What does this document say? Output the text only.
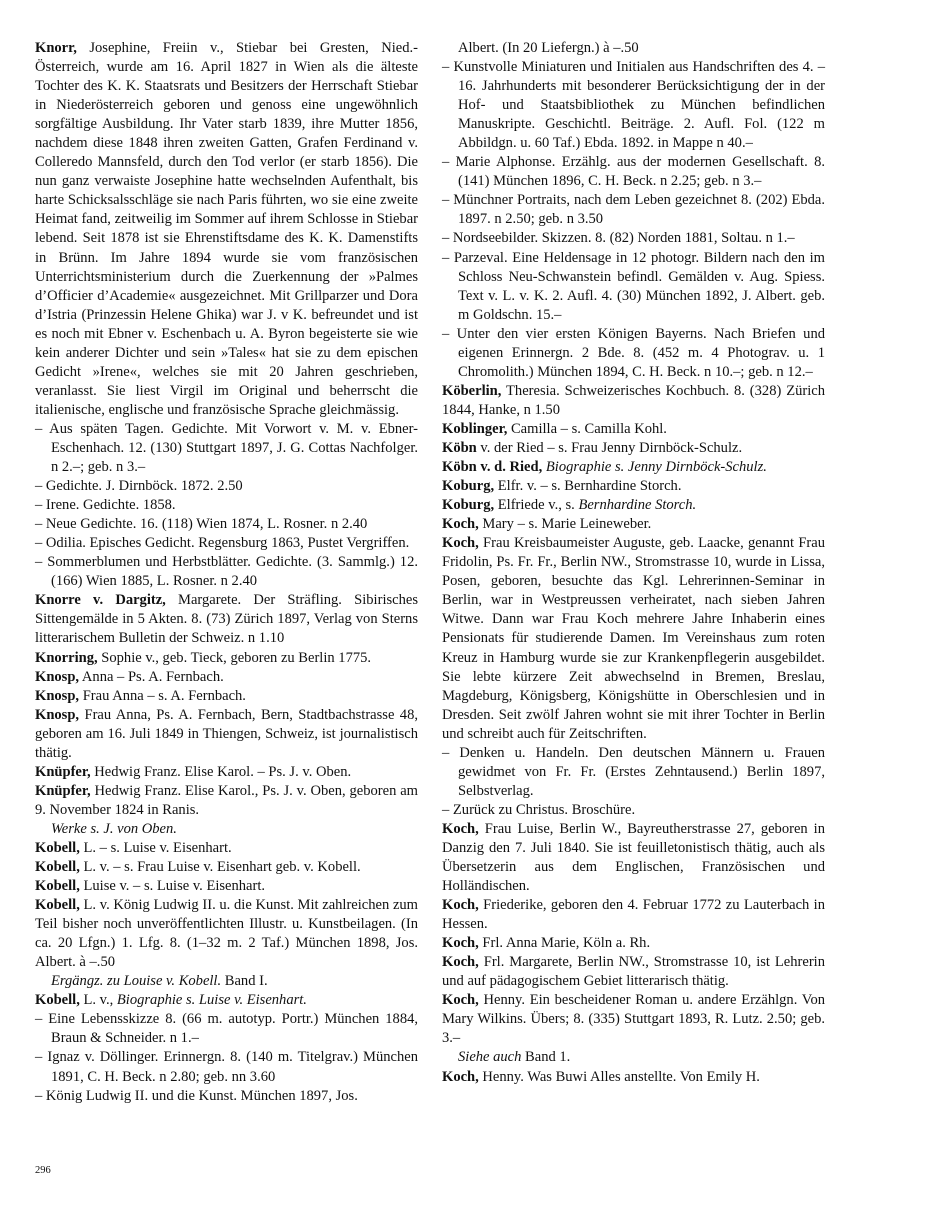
Knorr, Josephine, Freiin v., Stiebar bei Gresten, Nied.-Österreich, wurde am 16. April 1827 in Wien als die älteste Tochter des K. K. Staatsrats und Besitzers der Herrschaft Stiebar in Niederösterreich geboren und genoss eine ungewöhnlich sorgfältige Ausbildung. Ihr Vater starb 1839, ihre Mutter 1856, nachdem diese 1848 ihren zweiten Gatten, Grafen Ferdinand v. Colleredo Mannsfeld, durch den Tod verlor (er starb 1856). Die nun ganz verwaiste Josephine hatte wechselnden Aufenthalt, bis harte Schicksalsschläge sie nach Paris führten, wo sie eine zweite Heimat fand, zeitweilig im Sommer auf ihrem Schlosse in Stiebar lebend. Seit 1878 ist sie Ehrenstiftsdame des K. K. Damenstifts in Brünn. Im Jahre 1894 wurde sie vom französischen Unterrichtsministerium durch die Zuerkennung der »Palmes d’Officier d’Academie« ausgezeichnet. Mit Grillparzer und Dora d’Istria (Prinzessin Helene Ghika) war J. v K. befreundet und ist es noch mit Ebner v. Eschenbach u. A. Byron begeisterte sie wie kein anderer Dichter und sein »Tales« hat sie zu dem epischen Gedicht »Irene«, welches sie mit 20 Jahren geschrieben, veranlasst. Sie liest Virgil im Original und beherrscht die italienische, englische und französische Sprache gleichmässig.

– Aus späten Tagen. Gedichte. Mit Vorwort v. M. v. Ebner-Eschenhach. 12. (130) Stuttgart 1897, J. G. Cottas Nachfolger. n 2.–; geb. n 3.–

– Gedichte. J. Dirnböck. 1872. 2.50

– Irene. Gedichte. 1858.

– Neue Gedichte. 16. (118) Wien 1874, L. Rosner. n 2.40

– Odilia. Episches Gedicht. Regensburg 1863, Pustet Vergriffen.

– Sommerblumen und Herbstblätter. Gedichte. (3. Sammlg.) 12. (166) Wien 1885, L. Rosner. n 2.40

Knorre v. Dargitz, Margarete. Der Sträfling. Sibirisches Sittengemälde in 5 Akten. 8. (73) Zürich 1897, Verlag von Sterns litterarischem Bulletin der Schweiz. n 1.10

Knorring, Sophie v., geb. Tieck, geboren zu Berlin 1775.

Knosp, Anna – Ps. A. Fernbach.

Knosp, Frau Anna – s. A. Fernbach.

Knosp, Frau Anna, Ps. A. Fernbach, Bern, Stadtbachstrasse 48, geboren am 16. Juli 1849 in Thiengen, Schweiz, ist journalistisch thätig.

Knüpfer, Hedwig Franz. Elise Karol. – Ps. J. v. Oben.

Knüpfer, Hedwig Franz. Elise Karol., Ps. J. v. Oben, geboren am 9. November 1824 in Ranis.

Werke s. J. von Oben.

Kobell, L. – s. Luise v. Eisenhart.

Kobell, L. v. – s. Frau Luise v. Eisenhart geb. v. Kobell.

Kobell, Luise v. – s. Luise v. Eisenhart.

Kobell, L. v. König Ludwig II. u. die Kunst. Mit zahlreichen zum Teil bisher noch unveröffentlichten Illustr. u. Kunstbeilagen. (In ca. 20 Lfgn.) 1. Lfg. 8. (1–32 m. 2 Taf.) München 1898, Jos. Albert. à –.50

Ergängz. zu Louise v. Kobell. Band I.

Kobell, L. v., Biographie s. Luise v. Eisenhart.

– Eine Lebensskizze 8. (66 m. autotyp. Portr.) München 1884, Braun & Schneider. n 1.–

– Ignaz v. Döllinger. Erinnergn. 8. (140 m. Titelgrav.) München 1891, C. H. Beck. n 2.80; geb. nn 3.60

– König Ludwig II. und die Kunst. München 1897, Jos.

Albert. (In 20 Liefergn.) à –.50

– Kunstvolle Miniaturen und Initialen aus Handschriften des 4. – 16. Jahrhunderts mit besonderer Berücksichtigung der in der Hof- und Staatsbibliothek zu München befindlichen Manuskripte. Geschichtl. Beiträge. 2. Aufl. Fol. (122 m Abbildgn. u. 60 Taf.) Ebda. 1892. in Mappe n 40.–

– Marie Alphonse. Erzählg. aus der modernen Gesellschaft. 8. (141) München 1896, C. H. Beck. n 2.25; geb. n 3.–

– Münchner Portraits, nach dem Leben gezeichnet 8. (202) Ebda. 1897. n 2.50; geb. n 3.50

– Nordseebilder. Skizzen. 8. (82) Norden 1881, Soltau. n 1.–

– Parzeval. Eine Heldensage in 12 photogr. Bildern nach den im Schloss Neu-Schwanstein befindl. Gemälden v. Aug. Spiess. Text v. L. v. K. 2. Aufl. 4. (30) München 1892, J. Albert. geb. m Goldschn. 15.–

– Unter den vier ersten Königen Bayerns. Nach Briefen und eigenen Erinnergn. 2 Bde. 8. (452 m. 4 Photograv. u. 1 Chromolith.) München 1894, C. H. Beck. n 10.–; geb. n 12.–

Köberlin, Theresia. Schweizerisches Kochbuch. 8. (328) Zürich 1844, Hanke, n 1.50

Koblinger, Camilla – s. Camilla Kohl.

Köbn v. der Ried – s. Frau Jenny Dirnböck-Schulz.

Köbn v. d. Ried, Biographie s. Jenny Dirnböck-Schulz.

Koburg, Elfr. v. – s. Bernhardine Storch.

Koburg, Elfriede v., s. Bernhardine Storch.

Koch, Mary – s. Marie Leineweber.

Koch, Frau Kreisbaumeister Auguste, geb. Laacke, genannt Frau Fridolin, Ps. Fr. Fr., Berlin NW., Stromstrasse 10, wurde in Lissa, Posen, geboren, besuchte das Kgl. Lehrerinnen-Seminar in Berlin, war in Westpreussen verheiratet, nach sieben Jahren Witwe. Dann war Frau Koch mehrere Jahre Inhaberin eines Pensionats für studierende Damen. Im Vereinshaus zum roten Kreuz in Hamburg wurde sie zur Krankenpflegerin ausgebildet. Sie lebte kürzere Zeit abwechselnd in Bremen, Breslau, Magdeburg, Königsberg, Königshütte in Oberschlesien und in Dresden. Seit zwölf Jahren wohnt sie mit ihrer Tochter in Berlin und schreibt auch für Zeitschriften.

– Denken u. Handeln. Den deutschen Männern u. Frauen gewidmet von Fr. Fr. (Erstes Zehntausend.) Berlin 1897, Selbstverlag.

– Zurück zu Christus. Broschüre.

Koch, Frau Luise, Berlin W., Bayreutherstrasse 27, geboren in Danzig den 7. Juli 1840. Sie ist feuilletonistisch thätig, auch als Übersetzerin aus dem Englischen, Französischen und Holländischen.

Koch, Friederike, geboren den 4. Februar 1772 zu Lauterbach in Hessen.

Koch, Frl. Anna Marie, Köln a. Rh.

Koch, Frl. Margarete, Berlin NW., Stromstrasse 10, ist Lehrerin und auf pädagogischem Gebiet litterarisch thätig.

Koch, Henny. Ein bescheidener Roman u. andere Erzählgn. Von Mary Wilkins. Übers; 8. (335) Stuttgart 1893, R. Lutz. 2.50; geb. 3.–

Siehe auch Band 1.

Koch, Henny. Was Buwi Alles anstellte. Von Emily H.

296
